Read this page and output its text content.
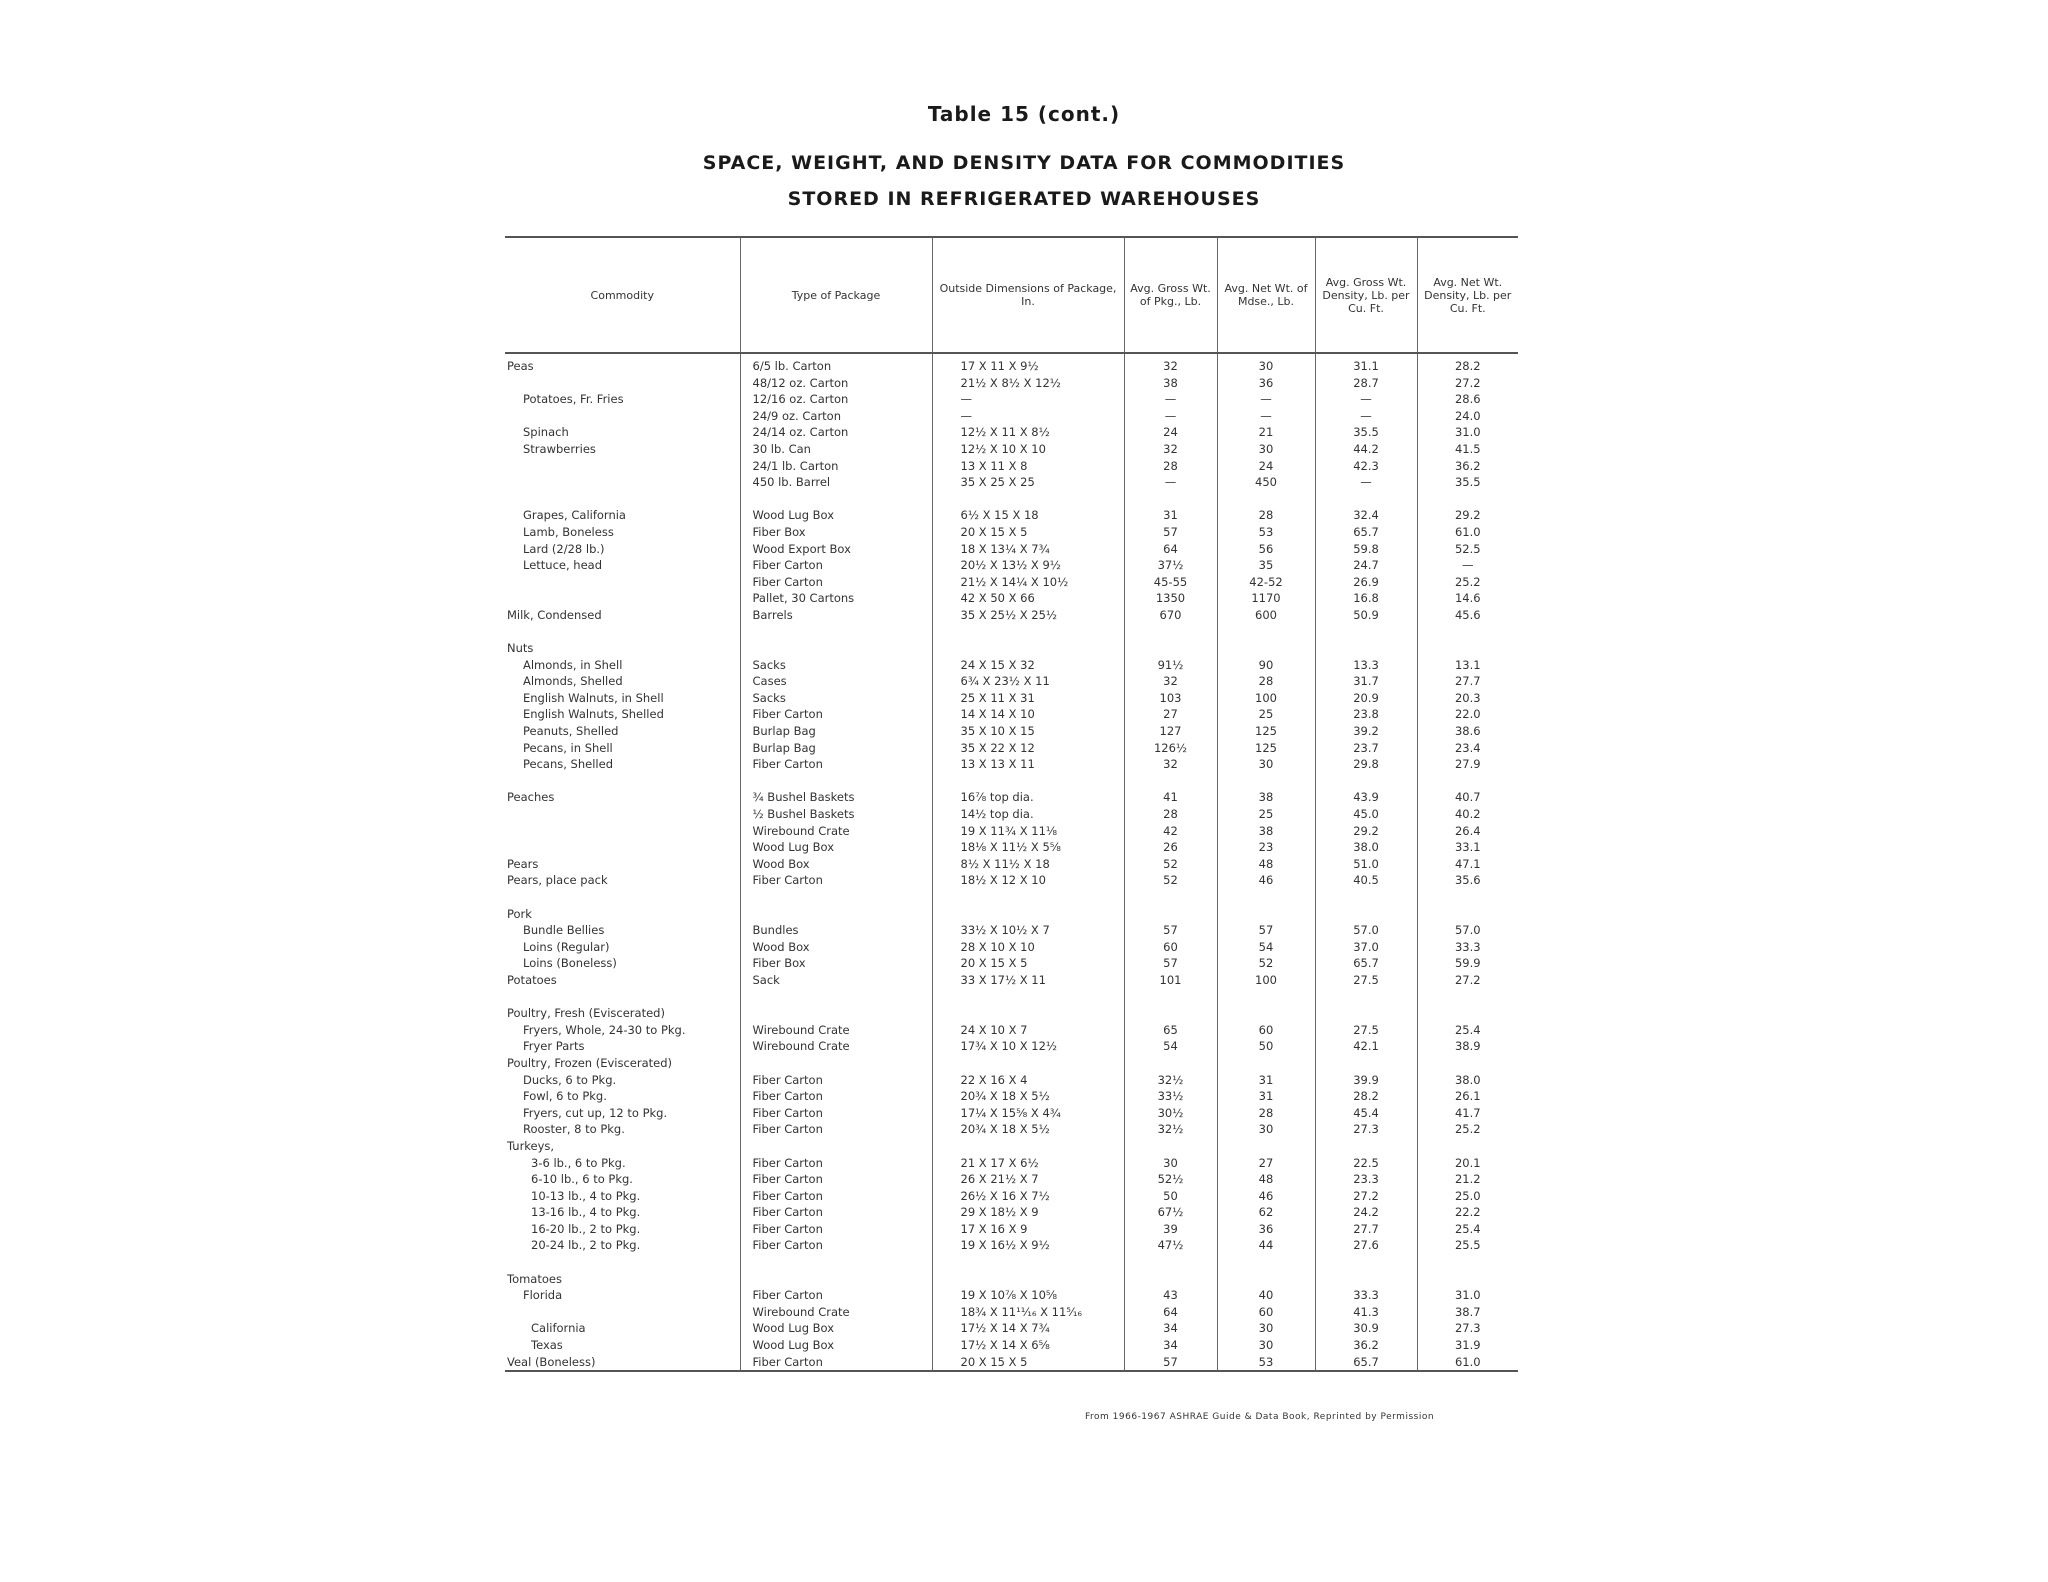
Table 15 (cont.)
SPACE, WEIGHT, AND DENSITY DATA FOR COMMODITIES
STORED IN REFRIGERATED WAREHOUSES
Commodity	Type of Package	Outside Dimensions of Package, In.	Avg. Gross Wt. of Pkg., Lb.	Avg. Net Wt. of Mdse., Lb.	Avg. Gross Wt. Density, Lb. per Cu. Ft.	Avg. Net Wt. Density, Lb. per Cu. Ft.
Peas	6/5 lb. Carton	17 X 11 X 9½	32	30	31.1	28.2
	48/12 oz. Carton	21½ X 8½ X 12½	38	36	28.7	27.2
Potatoes, Fr. Fries	12/16 oz. Carton	—	—	—	—	28.6
	24/9 oz. Carton	—	—	—	—	24.0
Spinach	24/14 oz. Carton	12½ X 11 X 8½	24	21	35.5	31.0
Strawberries	30 lb. Can	12½ X 10 X 10	32	30	44.2	41.5
	24/1 lb. Carton	13 X 11 X 8	28	24	42.3	36.2
	450 lb. Barrel	35 X 25 X 25	—	450	—	35.5

Grapes, California	Wood Lug Box	6½ X 15 X 18	31	28	32.4	29.2
Lamb, Boneless	Fiber Box	20 X 15 X 5	57	53	65.7	61.0
Lard (2/28 lb.)	Wood Export Box	18 X 13¼ X 7¾	64	56	59.8	52.5
Lettuce, head	Fiber Carton	20½ X 13½ X 9½	37½	35	24.7	—
	Fiber Carton	21½ X 14¼ X 10½	45-55	42-52	26.9	25.2
	Pallet, 30 Cartons	42 X 50 X 66	1350	1170	16.8	14.6
Milk, Condensed	Barrels	35 X 25½ X 25½	670	600	50.9	45.6

Nuts						
Almonds, in Shell	Sacks	24 X 15 X 32	91½	90	13.3	13.1
Almonds, Shelled	Cases	6¾ X 23½ X 11	32	28	31.7	27.7
English Walnuts, in Shell	Sacks	25 X 11 X 31	103	100	20.9	20.3
English Walnuts, Shelled	Fiber Carton	14 X 14 X 10	27	25	23.8	22.0
Peanuts, Shelled	Burlap Bag	35 X 10 X 15	127	125	39.2	38.6
Pecans, in Shell	Burlap Bag	35 X 22 X 12	126½	125	23.7	23.4
Pecans, Shelled	Fiber Carton	13 X 13 X 11	32	30	29.8	27.9

Peaches	¾ Bushel Baskets	16⅞ top dia.	41	38	43.9	40.7
	½ Bushel Baskets	14½ top dia.	28	25	45.0	40.2
	Wirebound Crate	19 X 11¾ X 11⅛	42	38	29.2	26.4
	Wood Lug Box	18⅛ X 11½ X 5⅝	26	23	38.0	33.1
Pears	Wood Box	8½ X 11½ X 18	52	48	51.0	47.1
Pears, place pack	Fiber Carton	18½ X 12 X 10	52	46	40.5	35.6

Pork						
Bundle Bellies	Bundles	33½ X 10½ X 7	57	57	57.0	57.0
Loins (Regular)	Wood Box	28 X 10 X 10	60	54	37.0	33.3
Loins (Boneless)	Fiber Box	20 X 15 X 5	57	52	65.7	59.9
Potatoes	Sack	33 X 17½ X 11	101	100	27.5	27.2

Poultry, Fresh (Eviscerated)						
Fryers, Whole, 24-30 to Pkg.	Wirebound Crate	24 X 10 X 7	65	60	27.5	25.4
Fryer Parts	Wirebound Crate	17¾ X 10 X 12½	54	50	42.1	38.9
Poultry, Frozen (Eviscerated)						
Ducks, 6 to Pkg.	Fiber Carton	22 X 16 X 4	32½	31	39.9	38.0
Fowl, 6 to Pkg.	Fiber Carton	20¾ X 18 X 5½	33½	31	28.2	26.1
Fryers, cut up, 12 to Pkg.	Fiber Carton	17¼ X 15⅝ X 4¾	30½	28	45.4	41.7
Rooster, 8 to Pkg.	Fiber Carton	20¾ X 18 X 5½	32½	30	27.3	25.2
Turkeys,						
3-6 lb., 6 to Pkg.	Fiber Carton	21 X 17 X 6½	30	27	22.5	20.1
6-10 lb., 6 to Pkg.	Fiber Carton	26 X 21½ X 7	52½	48	23.3	21.2
10-13 lb., 4 to Pkg.	Fiber Carton	26½ X 16 X 7½	50	46	27.2	25.0
13-16 lb., 4 to Pkg.	Fiber Carton	29 X 18½ X 9	67½	62	24.2	22.2
16-20 lb., 2 to Pkg.	Fiber Carton	17 X 16 X 9	39	36	27.7	25.4
20-24 lb., 2 to Pkg.	Fiber Carton	19 X 16½ X 9½	47½	44	27.6	25.5

Tomatoes						
Florida	Fiber Carton	19 X 10⅞ X 10⅝	43	40	33.3	31.0
	Wirebound Crate	18¾ X 11¹¹⁄₁₆ X 11⁵⁄₁₆	64	60	41.3	38.7
California	Wood Lug Box	17½ X 14 X 7¾	34	30	30.9	27.3
Texas	Wood Lug Box	17½ X 14 X 6⅝	34	30	36.2	31.9
Veal (Boneless)	Fiber Carton	20 X 15 X 5	57	53	65.7	61.0
From 1966-1967 ASHRAE Guide & Data Book, Reprinted by Permission
